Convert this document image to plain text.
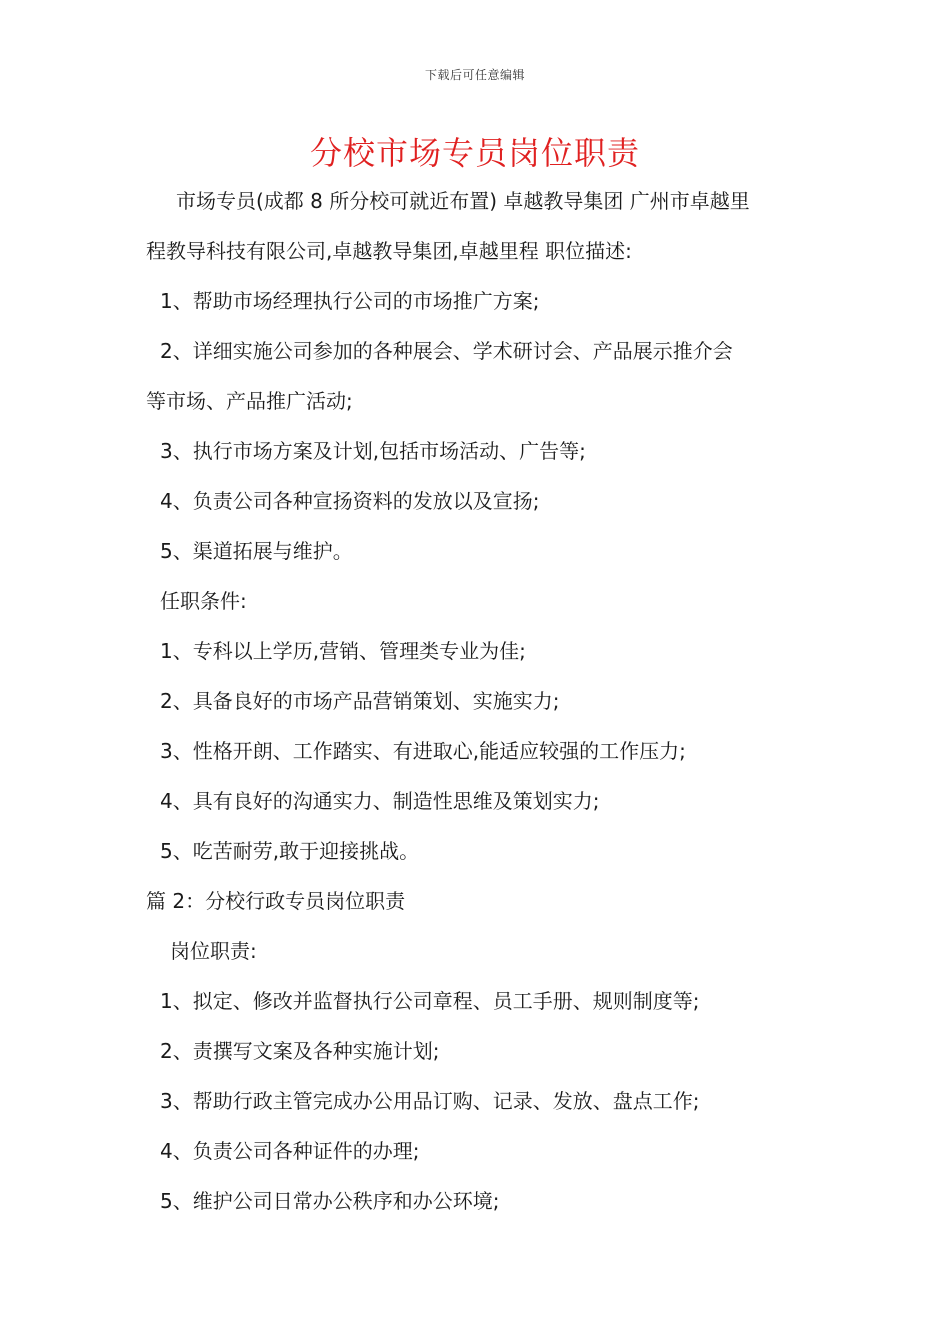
下载后可任意编辑
分校市场专员岗位职责
市场专员(成都 8 所分校可就近布置) 卓越教导集团 广州市卓越里
程教导科技有限公司,卓越教导集团,卓越里程 职位描述:
1、帮助市场经理执行公司的市场推广方案;
2、详细实施公司参加的各种展会、学术研讨会、产品展示推介会
等市场、产品推广活动;
3、执行市场方案及计划,包括市场活动、广告等;
4、负责公司各种宣扬资料的发放以及宣扬;
5、渠道拓展与维护。
任职条件:
1、专科以上学历,营销、管理类专业为佳;
2、具备良好的市场产品营销策划、实施实力;
3、性格开朗、工作踏实、有进取心,能适应较强的工作压力;
4、具有良好的沟通实力、制造性思维及策划实力;
5、吃苦耐劳,敢于迎接挑战。
篇 2：分校行政专员岗位职责
岗位职责:
1、拟定、修改并监督执行公司章程、员工手册、规则制度等;
2、责撰写文案及各种实施计划;
3、帮助行政主管完成办公用品订购、记录、发放、盘点工作;
4、负责公司各种证件的办理;
5、维护公司日常办公秩序和办公环境;
